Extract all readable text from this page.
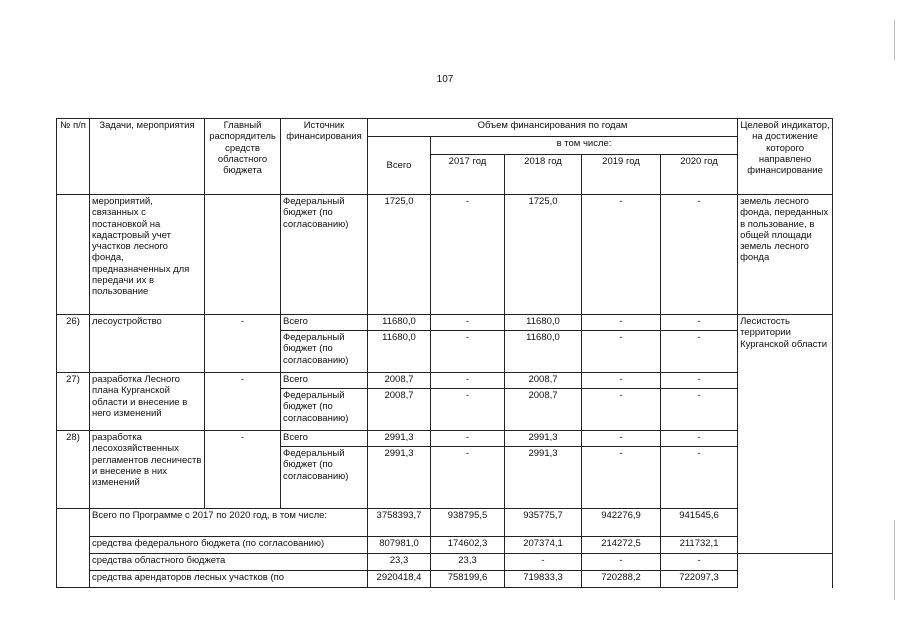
107
№ п/п	Задачи, мероприятия	Главный распорядитель средств областного бюджета	Источник финансирования	Объем финансирования по годам					Целевой индикатор, на достижение которого направлено финансирование	
				Всего	в том числе:					
					2017 год	2018 год	2019 год	2020 год		
	мероприятий, связанных с постановкой на кадастровый учет участков лесного фонда, предназначенных для передачи их в пользование		Федеральный бюджет (по согласованию)	1725,0	-	1725,0	-	-	земель лесного фонда, переданных в пользование, в общей площади земель лесного фонда	
26)	лесоустройство	-	Всего	11680,0	-	11680,0	-	-	Лесистость территории Курганской области	
			Федеральный бюджет (по согласованию)	11680,0	-	11680,0	-	-		
27)	разработка Лесного плана Курганской области и внесение в него изменений	-	Всего	2008,7	-	2008,7	-	-		
			Федеральный бюджет (по согласованию)	2008,7	-	2008,7	-	-		
28)	разработка лесохозяйственных регламентов лесничеств и внесение в них изменений	-	Всего	2991,3	-	2991,3	-	-		
			Федеральный бюджет (по согласованию)	2991,3	-	2991,3	-	-		
	Всего по Программе с 2017 по 2020 год, в том числе:			3758393,7	938795,5	935775,7	942276,9	941545,6		
	средства федерального бюджета (по согласованию)			807981,0	174602,3	207374,1	214272,5	211732,1		
	средства областного бюджета			23,3	23,3	-	-	-		
	средства арендаторов лесных участков (по			2920418,4	758199,6	719833,3	720288,2	722097,3		
